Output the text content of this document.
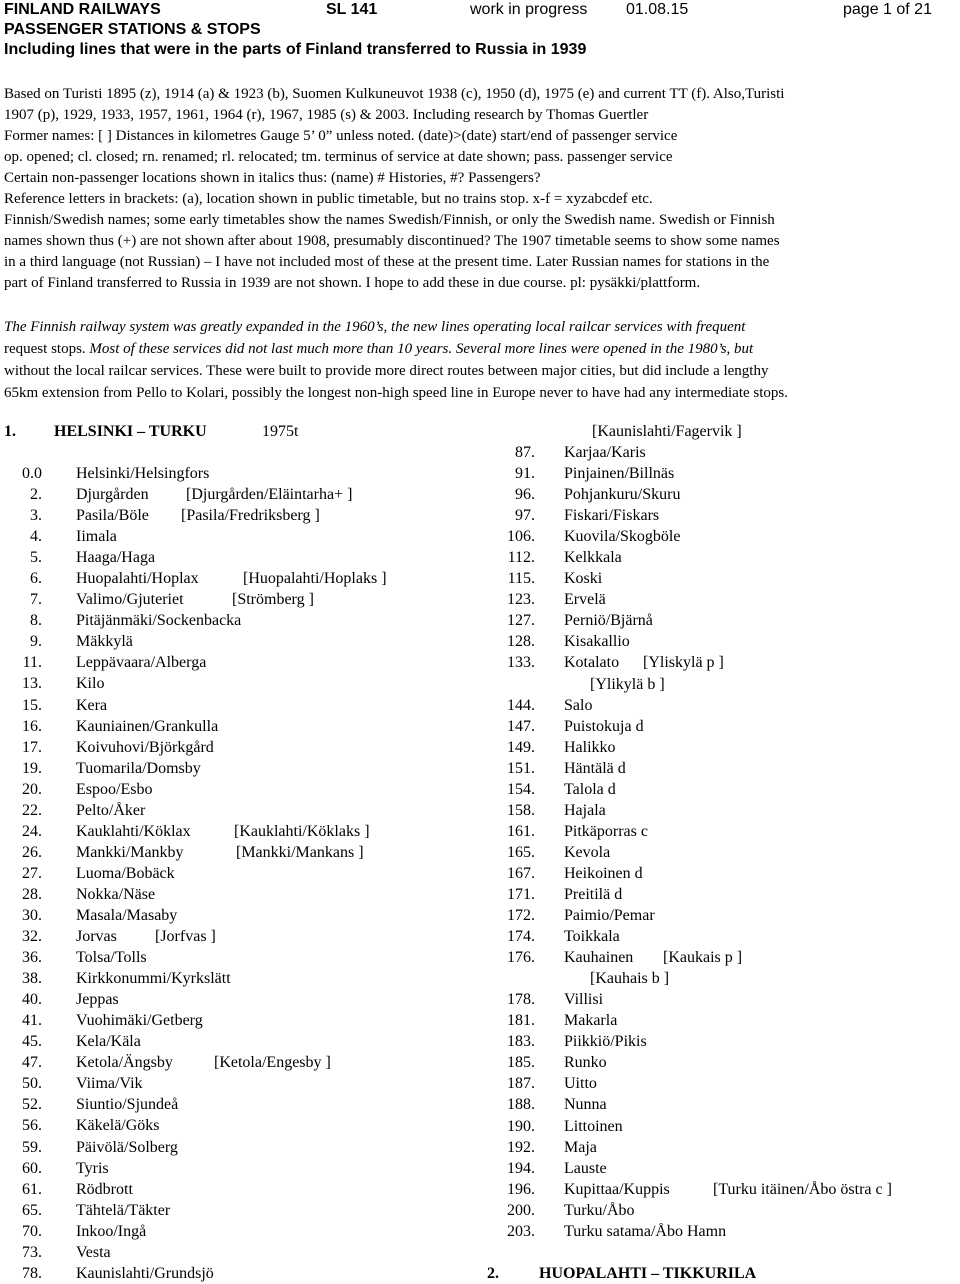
FINLAND RAILWAYS	SL 141	work in progress 01.08.15	page 1 of 21
PASSENGER STATIONS & STOPS
Including lines that were in the parts of Finland transferred to Russia in 1939
Based on Turisti 1895 (z), 1914 (a) & 1923 (b), Suomen Kulkuneuvot 1938 (c), 1950 (d), 1975 (e) and current TT (f). Also,Turisti
1907 (p), 1929, 1933, 1957, 1961, 1964 (r), 1967, 1985 (s) & 2003. Including research by Thomas Guertler
Former names: [ ] Distances in kilometres Gauge 5’ 0” unless noted. (date)>(date) start/end of passenger service
op. opened; cl. closed; rn. renamed; rl. relocated; tm. terminus of service at date shown; pass. passenger service
Certain non-passenger locations shown in italics thus: (name) # Histories, #? Passengers?
Reference letters in brackets: (a), location shown in public timetable, but no trains stop. x-f = xyzabcdef etc.
Finnish/Swedish names; some early timetables show the names Swedish/Finnish, or only the Swedish name. Swedish or Finnish
names shown thus (+) are not shown after about 1908, presumably discontinued? The 1907 timetable seems to show some names
in a third language (not Russian) – I have not included most of these at the present time. Later Russian names for stations in the
part of Finland transferred to Russia in 1939 are not shown. I hope to add these in due course. pl: pysäkki/plattform.
The Finnish railway system was greatly expanded in the 1960’s, the new lines operating local railcar services with frequent
request stops. Most of these services did not last much more than 10 years. Several more lines were opened in the 1980’s, but
without the local railcar services. These were built to provide more direct routes between major cities, but did include a lengthy
65km extension from Pello to Kolari, possibly the longest non-high speed line in Europe never to have had any intermediate stops.
1. HELSINKI – TURKU	1975t	[Kaunislahti/Fagervik ]
0.0 Helsinki/Helsingfors
2. Djurgården [Djurgården/Eläintarha+ ]
3. Pasila/Böle [Pasila/Fredriksberg ]
4. Iimala
5. Haaga/Haga
6. Huopalahti/Hoplax	[Huopalahti/Hoplaks ]
7. Valimo/Gjuteriet	[Strömberg ]
8. Pitäjänmäki/Sockenbacka
9. Mäkkylä
11. Leppävaara/Alberga
13. Kilo
15. Kera
16. Kauniainen/Grankulla
17. Koivuhovi/Björkgård
19. Tuomarila/Domsby
20. Espoo/Esbo
22. Pelto/Åker
24. Kauklahti/Köklax	[Kauklahti/Köklaks ]
26. Mankki/Mankby	[Mankki/Mankans ]
27. Luoma/Bobäck
28. Nokka/Näse
30. Masala/Masaby
32. Jorvas [Jorfvas ]
36. Tolsa/Tolls
38. Kirkkonummi/Kyrkslätt
40. Jeppas
41. Vuohimäki/Getberg
45. Kela/Käla
47. Ketola/Ängsby	[Ketola/Engesby ]
50. Viima/Vik
52. Siuntio/Sjundeå
56. Käkelä/Göks
59. Päivölä/Solberg
60. Tyris
61. Rödbrott
65. Tähtelä/Täkter
70. Inkoo/Ingå
73. Vesta
78. Kaunislahti/Grundsjö
87. Karjaa/Karis
91. Pinjainen/Billnäs
96. Pohjankuru/Skuru
97. Fiskari/Fiskars
106. Kuovila/Skogböle
112. Kelkkala
115. Koski
123. Ervelä
127. Perniö/Bjärnå
128. Kisakallio
133. Kotalato [Yliskylä p ]
[Ylikylä b ]
144. Salo
147. Puistokuja d
149. Halikko
151. Häntälä d
154. Talola d
158. Hajala
161. Pitkäporras c
165. Kevola
167. Heikoinen d
171. Preitilä d
172. Paimio/Pemar
174. Toikkala
176. Kauhainen [Kaukais p ]
[Kauhais b ]
178. Villisi
181. Makarla
183. Piikkiö/Pikis
185. Runko
187. Uitto
188. Nunna
190. Littoinen
192. Maja
194. Lauste
196. Kupittaa/Kuppis	[Turku itäinen/Åbo östra c ]
200. Turku/Åbo
203. Turku satama/Åbo Hamn
2.	HUOPALAHTI – TIKKURILA
